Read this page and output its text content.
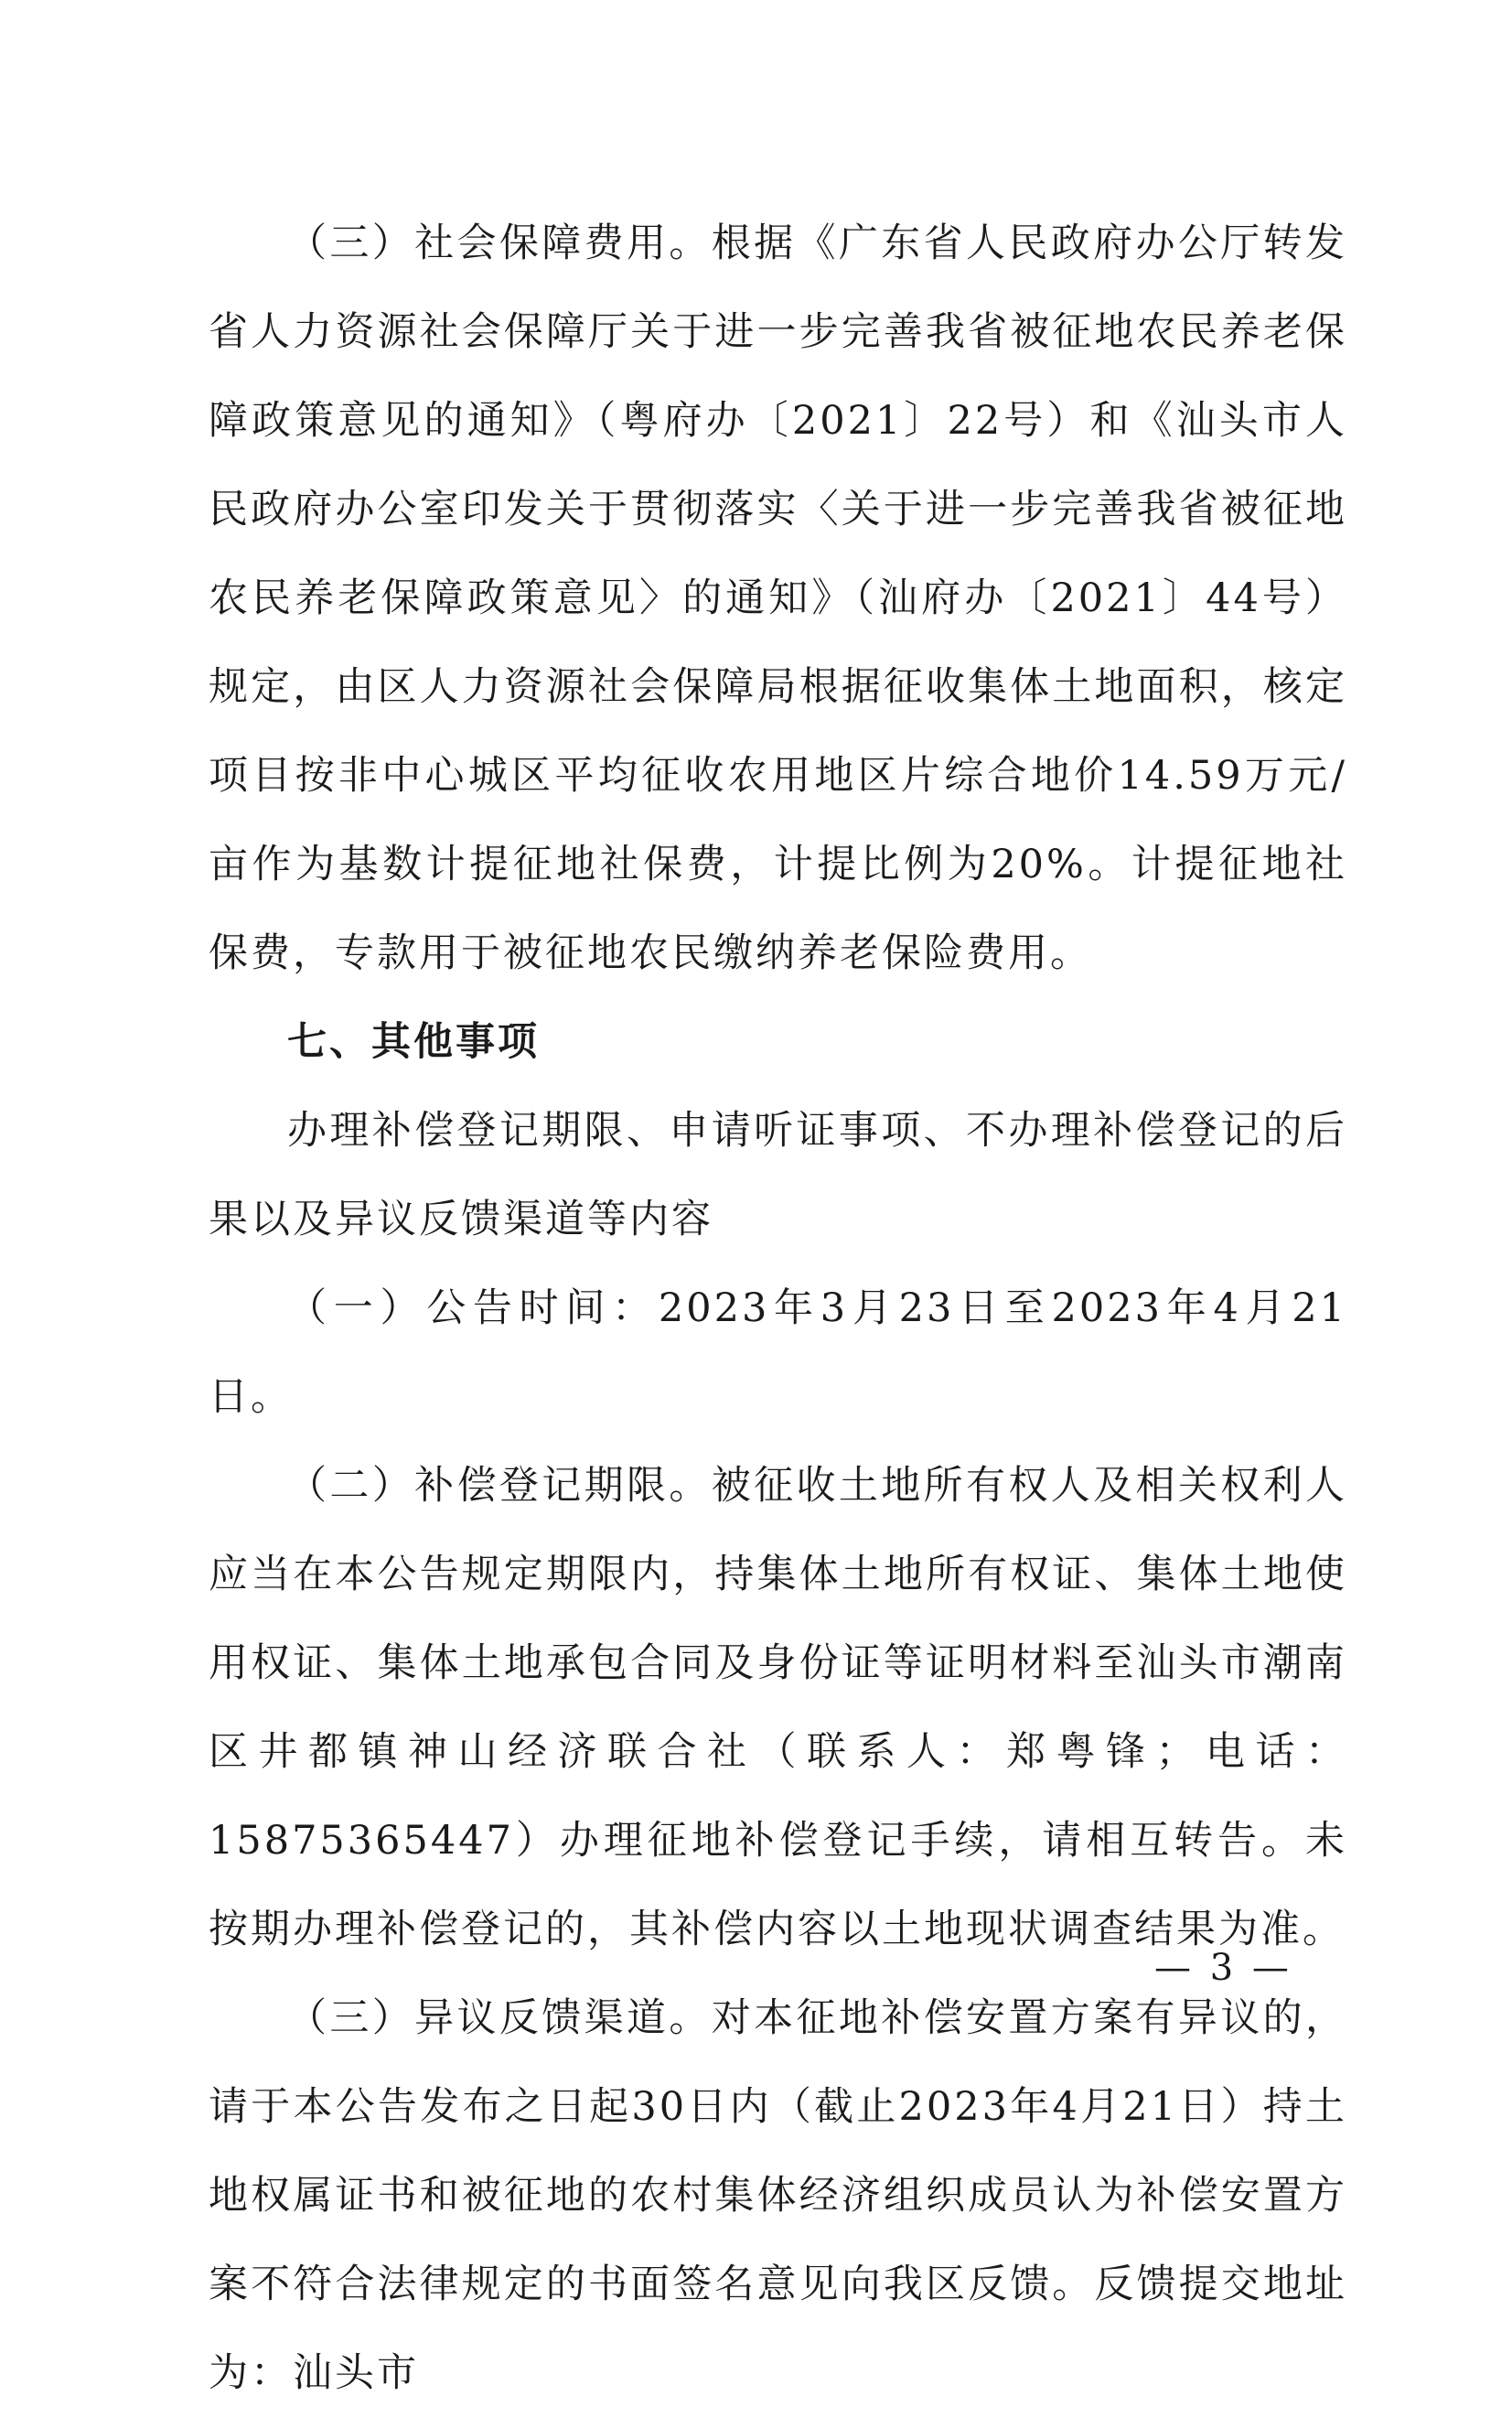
（三）社会保障费用。根据《广东省人民政府办公厅转发省人力资源社会保障厅关于进一步完善我省被征地农民养老保障政策意见的通知》（粤府办〔2021〕22号）和《汕头市人民政府办公室印发关于贯彻落实〈关于进一步完善我省被征地农民养老保障政策意见〉的通知》（汕府办〔2021〕44号）规定，由区人力资源社会保障局根据征收集体土地面积，核定项目按非中心城区平均征收农用地区片综合地价14.59万元/亩作为基数计提征地社保费，计提比例为20%。计提征地社保费，专款用于被征地农民缴纳养老保险费用。

七、其他事项

办理补偿登记期限、申请听证事项、不办理补偿登记的后果以及异议反馈渠道等内容

（一）公告时间：2023年3月23日至2023年4月21日。

（二）补偿登记期限。被征收土地所有权人及相关权利人应当在本公告规定期限内，持集体土地所有权证、集体土地使用权证、集体土地承包合同及身份证等证明材料至汕头市潮南区井都镇神山经济联合社（联系人：郑粤锋；电话：15875365447）办理征地补偿登记手续，请相互转告。未按期办理补偿登记的，其补偿内容以土地现状调查结果为准。

（三）异议反馈渠道。对本征地补偿安置方案有异议的，请于本公告发布之日起30日内（截止2023年4月21日）持土地权属证书和被征地的农村集体经济组织成员认为补偿安置方案不符合法律规定的书面签名意见向我区反馈。反馈提交地址为：汕头市

— 3 —
